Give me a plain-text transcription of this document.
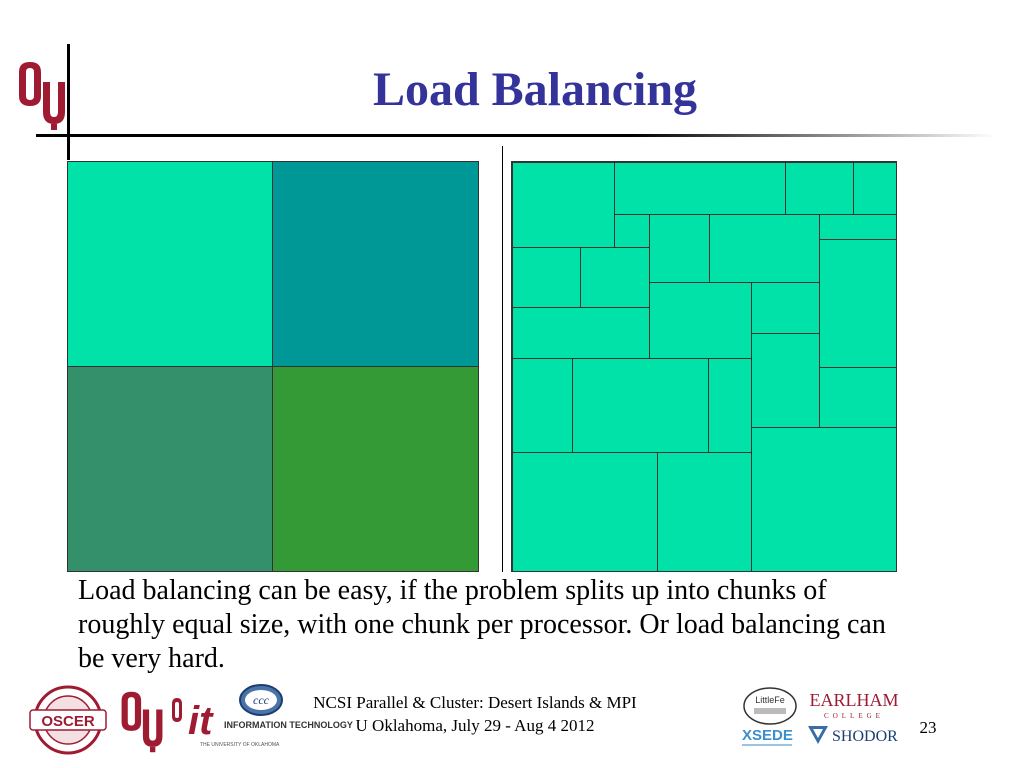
Load Balancing
Load balancing can be easy, if the problem splits up into chunks of roughly equal size, with one chunk per processor. Or load balancing can be very hard.
OSCER it INFORMATION TECHNOLOGY
THE UNIVERSITY OF OKLAHOMA
ccc	NCSI Parallel & Cluster: Desert Islands & MPI
U Oklahoma, July 29 - Aug 4 2012
LittleFe
XSEDE
EARLHAM
COLLEGE
SHODOR	23
